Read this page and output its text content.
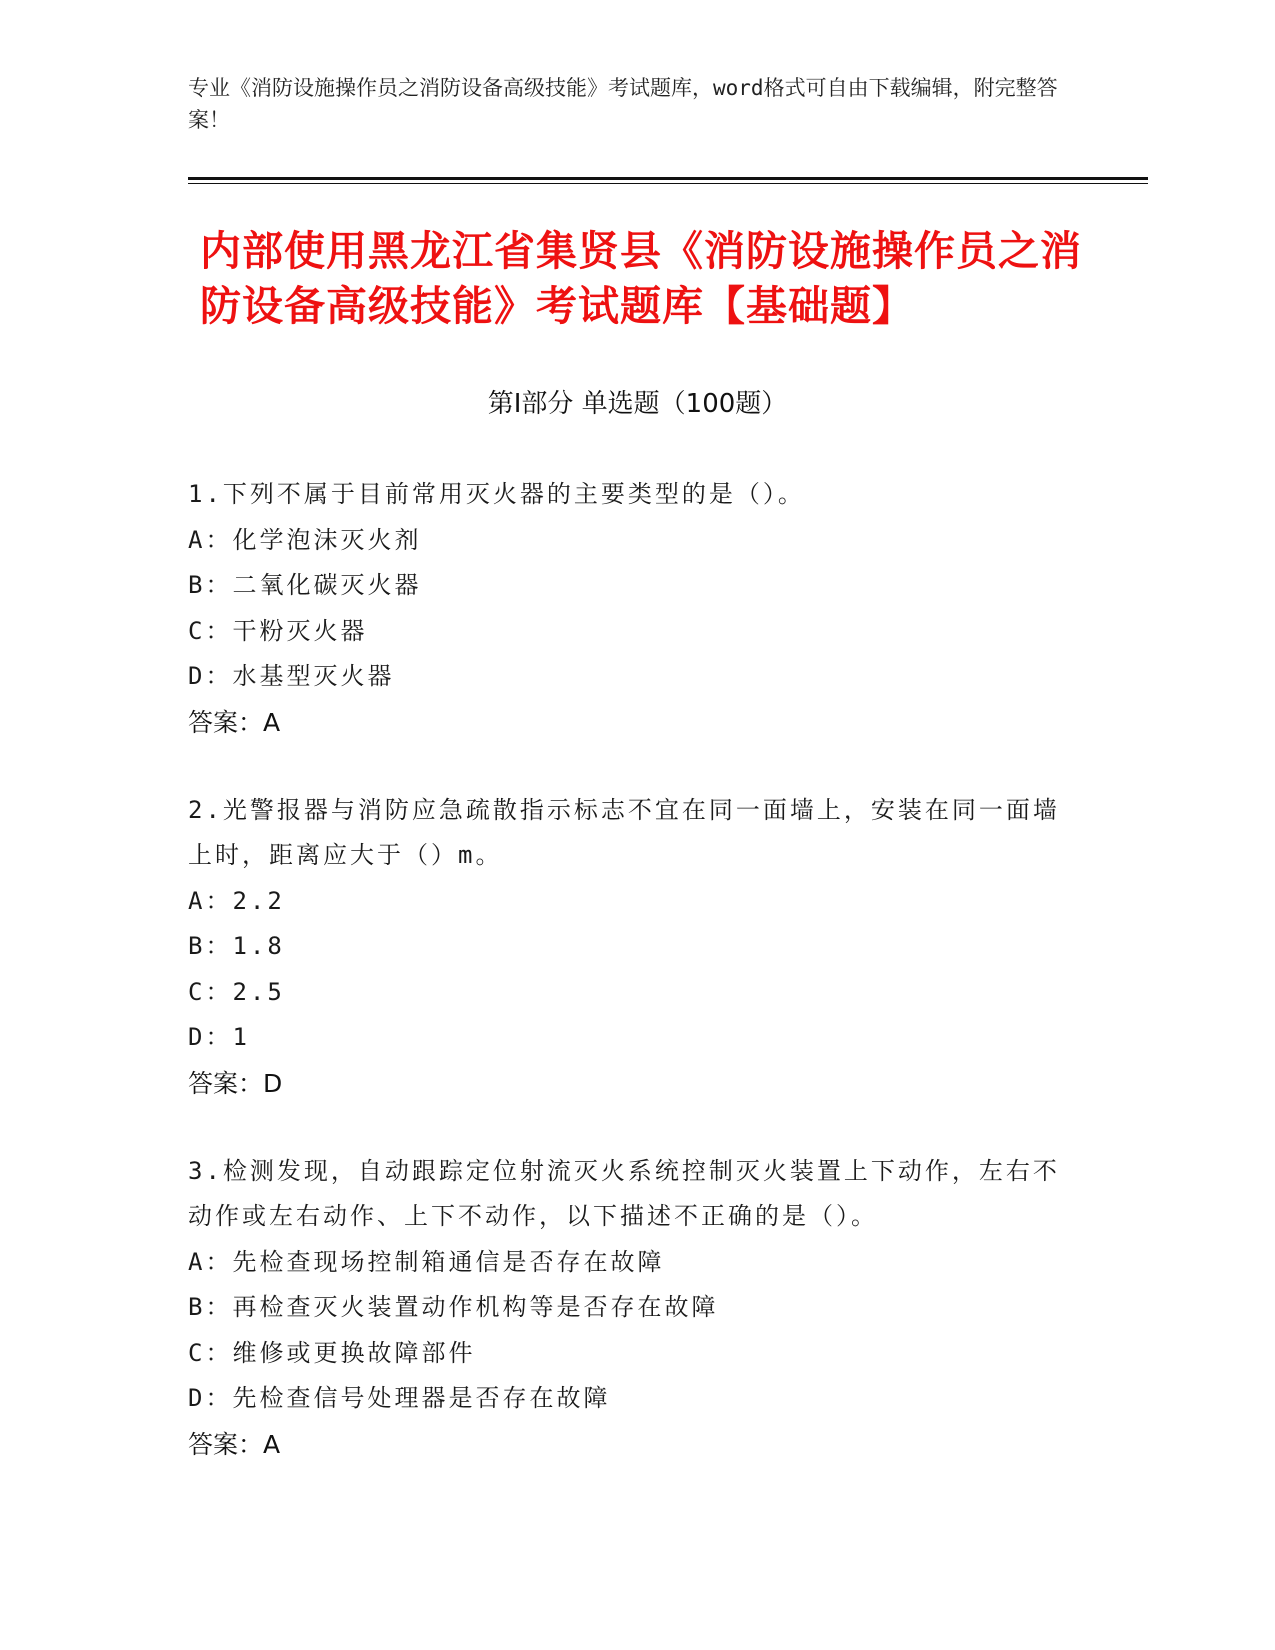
专业《消防设施操作员之消防设备高级技能》考试题库，word格式可自由下载编辑，附完整答案！
内部使用黑龙江省集贤县《消防设施操作员之消防设备高级技能》考试题库【基础题】
第Ⅰ部分 单选题（100题）
1.下列不属于目前常用灭火器的主要类型的是（）。
A：化学泡沫灭火剂
B：二氧化碳灭火器
C：干粉灭火器
D：水基型灭火器
答案：A
2.光警报器与消防应急疏散指示标志不宜在同一面墙上，安装在同一面墙上时，距离应大于（）m。
A：2.2
B：1.8
C：2.5
D：1
答案：D
3.检测发现，自动跟踪定位射流灭火系统控制灭火装置上下动作，左右不动作或左右动作、上下不动作，以下描述不正确的是（）。
A：先检查现场控制箱通信是否存在故障
B：再检查灭火装置动作机构等是否存在故障
C：维修或更换故障部件
D：先检查信号处理器是否存在故障
答案：A
